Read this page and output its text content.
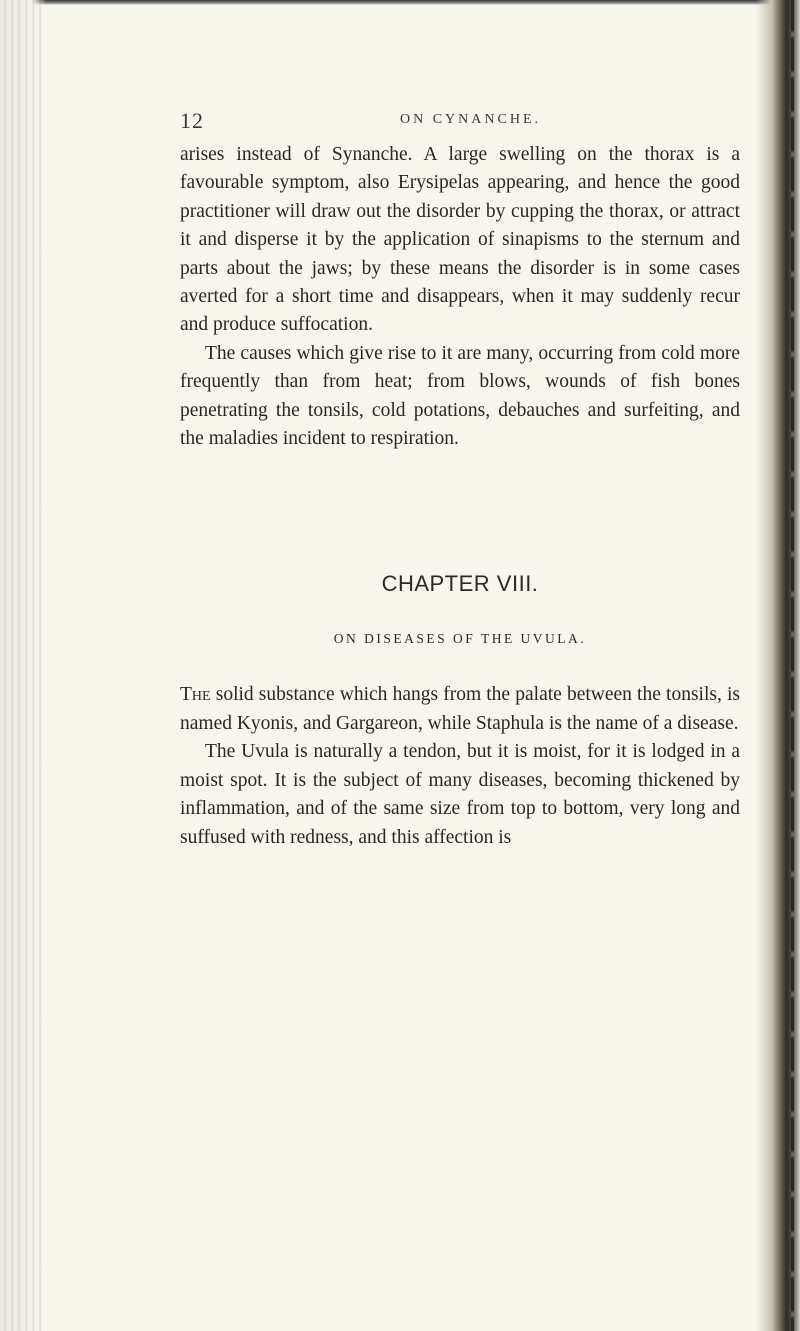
12	ON CYNANCHE.

arises instead of Synanche. A large swelling on the thorax is a favourable symptom, also Erysipelas appearing, and hence the good practitioner will draw out the disorder by cupping the thorax, or attract it and disperse it by the application of sinapisms to the sternum and parts about the jaws; by these means the disorder is in some cases averted for a short time and disappears, when it may suddenly recur and produce suffocation.

The causes which give rise to it are many, occurring from cold more frequently than from heat; from blows, wounds of fish bones penetrating the tonsils, cold potations, debauches and surfeiting, and the maladies incident to respiration.

CHAPTER VIII.
ON DISEASES OF THE UVULA.

The solid substance which hangs from the palate between the tonsils, is named Kyonis, and Gargareon, while Staphula is the name of a disease.

The Uvula is naturally a tendon, but it is moist, for it is lodged in a moist spot. It is the subject of many diseases, becoming thickened by inflammation, and of the same size from top to bottom, very long and suffused with redness, and this affection is
